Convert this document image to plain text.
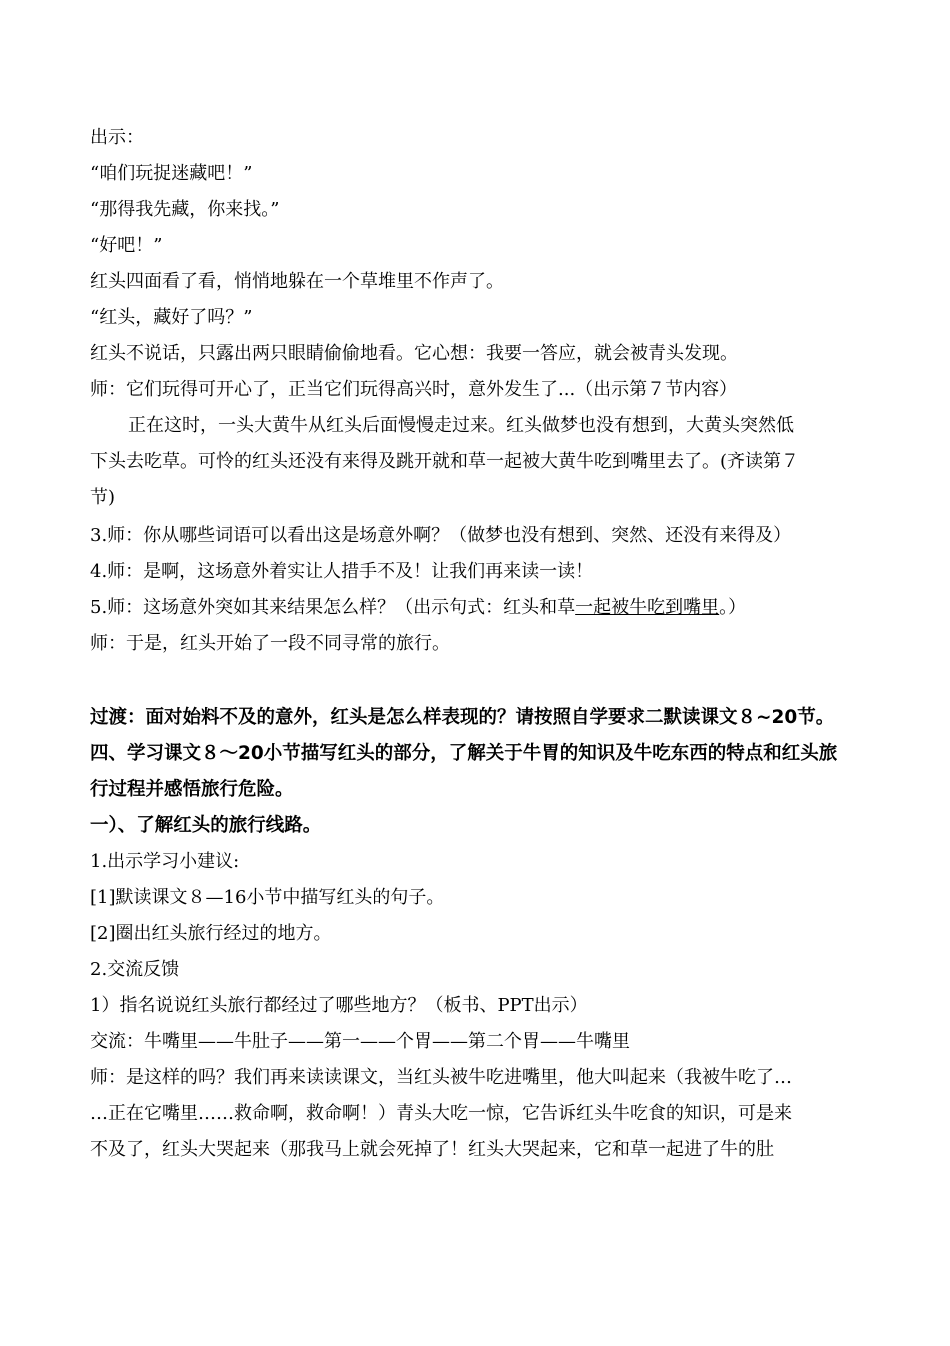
出示：
“咱们玩捉迷藏吧！”
“那得我先藏，你来找。”
“好吧！”
红头四面看了看，悄悄地躲在一个草堆里不作声了。
“红头，藏好了吗？”
红头不说话，只露出两只眼睛偷偷地看。它心想：我要一答应，就会被青头发现。
师：它们玩得可开心了，正当它们玩得高兴时，意外发生了...（出示第７节内容）
正在这时，一头大黄牛从红头后面慢慢走过来。红头做梦也没有想到，大黄头突然低
下头去吃草。可怜的红头还没有来得及跳开就和草一起被大黄牛吃到嘴里去了。(齐读第７
节)
3.师：你从哪些词语可以看出这是场意外啊？（做梦也没有想到、突然、还没有来得及）
4.师：是啊，这场意外着实让人措手不及！让我们再来读一读！
5.师：这场意外突如其来结果怎么样？（出示句式：红头和草一起被牛吃到嘴里。）
师：于是，红头开始了一段不同寻常的旅行。
过渡：面对始料不及的意外，红头是怎么样表现的？请按照自学要求二默读课文８~20节。
四、学习课文８～20小节描写红头的部分，了解关于牛胃的知识及牛吃东西的特点和红头旅
行过程并感悟旅行危险。
一）、了解红头的旅行线路。
1.出示学习小建议:
[1]默读课文８—16小节中描写红头的句子。
[2]圈出红头旅行经过的地方。
2.交流反馈
1）指名说说红头旅行都经过了哪些地方？（板书、PPT出示）
交流：牛嘴里——牛肚子——第一——个胃——第二个胃——牛嘴里
师：是这样的吗？我们再来读读课文，当红头被牛吃进嘴里，他大叫起来（我被牛吃了…
…正在它嘴里……救命啊，救命啊！）青头大吃一惊，它告诉红头牛吃食的知识，可是来
不及了，红头大哭起来（那我马上就会死掉了！红头大哭起来，它和草一起进了牛的肚
